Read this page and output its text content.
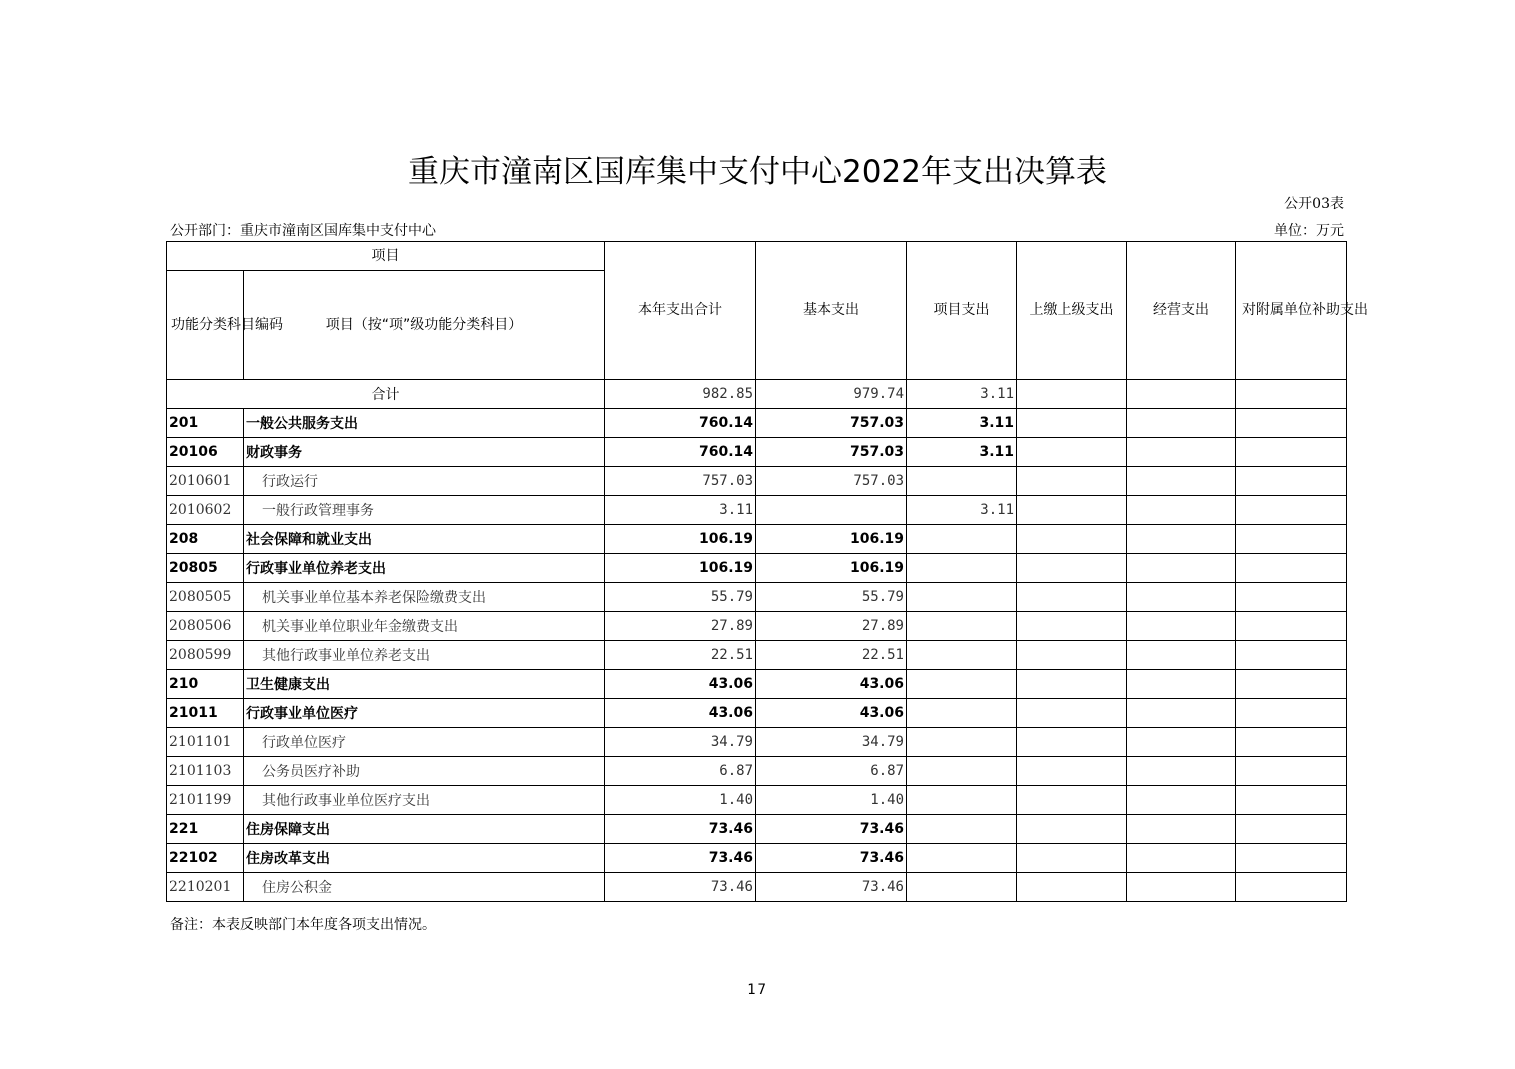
重庆市潼南区国库集中支付中心2022年支出决算表
公开03表
公开部门：重庆市潼南区国库集中支付中心	单位：万元
项目		本年支出合计	基本支出	项目支出	上缴上级支出	经营支出	对附属单位补助支出
功能分类科目编码	项目（按“项”级功能分类科目）						
合计		982.85	979.74	3.11			
201	一般公共服务支出	760.14	757.03	3.11			
20106	财政事务	760.14	757.03	3.11			
2010601	行政运行	757.03	757.03				
2010602	一般行政管理事务	3.11		3.11			
208	社会保障和就业支出	106.19	106.19				
20805	行政事业单位养老支出	106.19	106.19				
2080505	机关事业单位基本养老保险缴费支出	55.79	55.79				
2080506	机关事业单位职业年金缴费支出	27.89	27.89				
2080599	其他行政事业单位养老支出	22.51	22.51				
210	卫生健康支出	43.06	43.06				
21011	行政事业单位医疗	43.06	43.06				
2101101	行政单位医疗	34.79	34.79				
2101103	公务员医疗补助	6.87	6.87				
2101199	其他行政事业单位医疗支出	1.40	1.40				
221	住房保障支出	73.46	73.46				
22102	住房改革支出	73.46	73.46				
2210201	住房公积金	73.46	73.46				
备注：本表反映部门本年度各项支出情况。
17
